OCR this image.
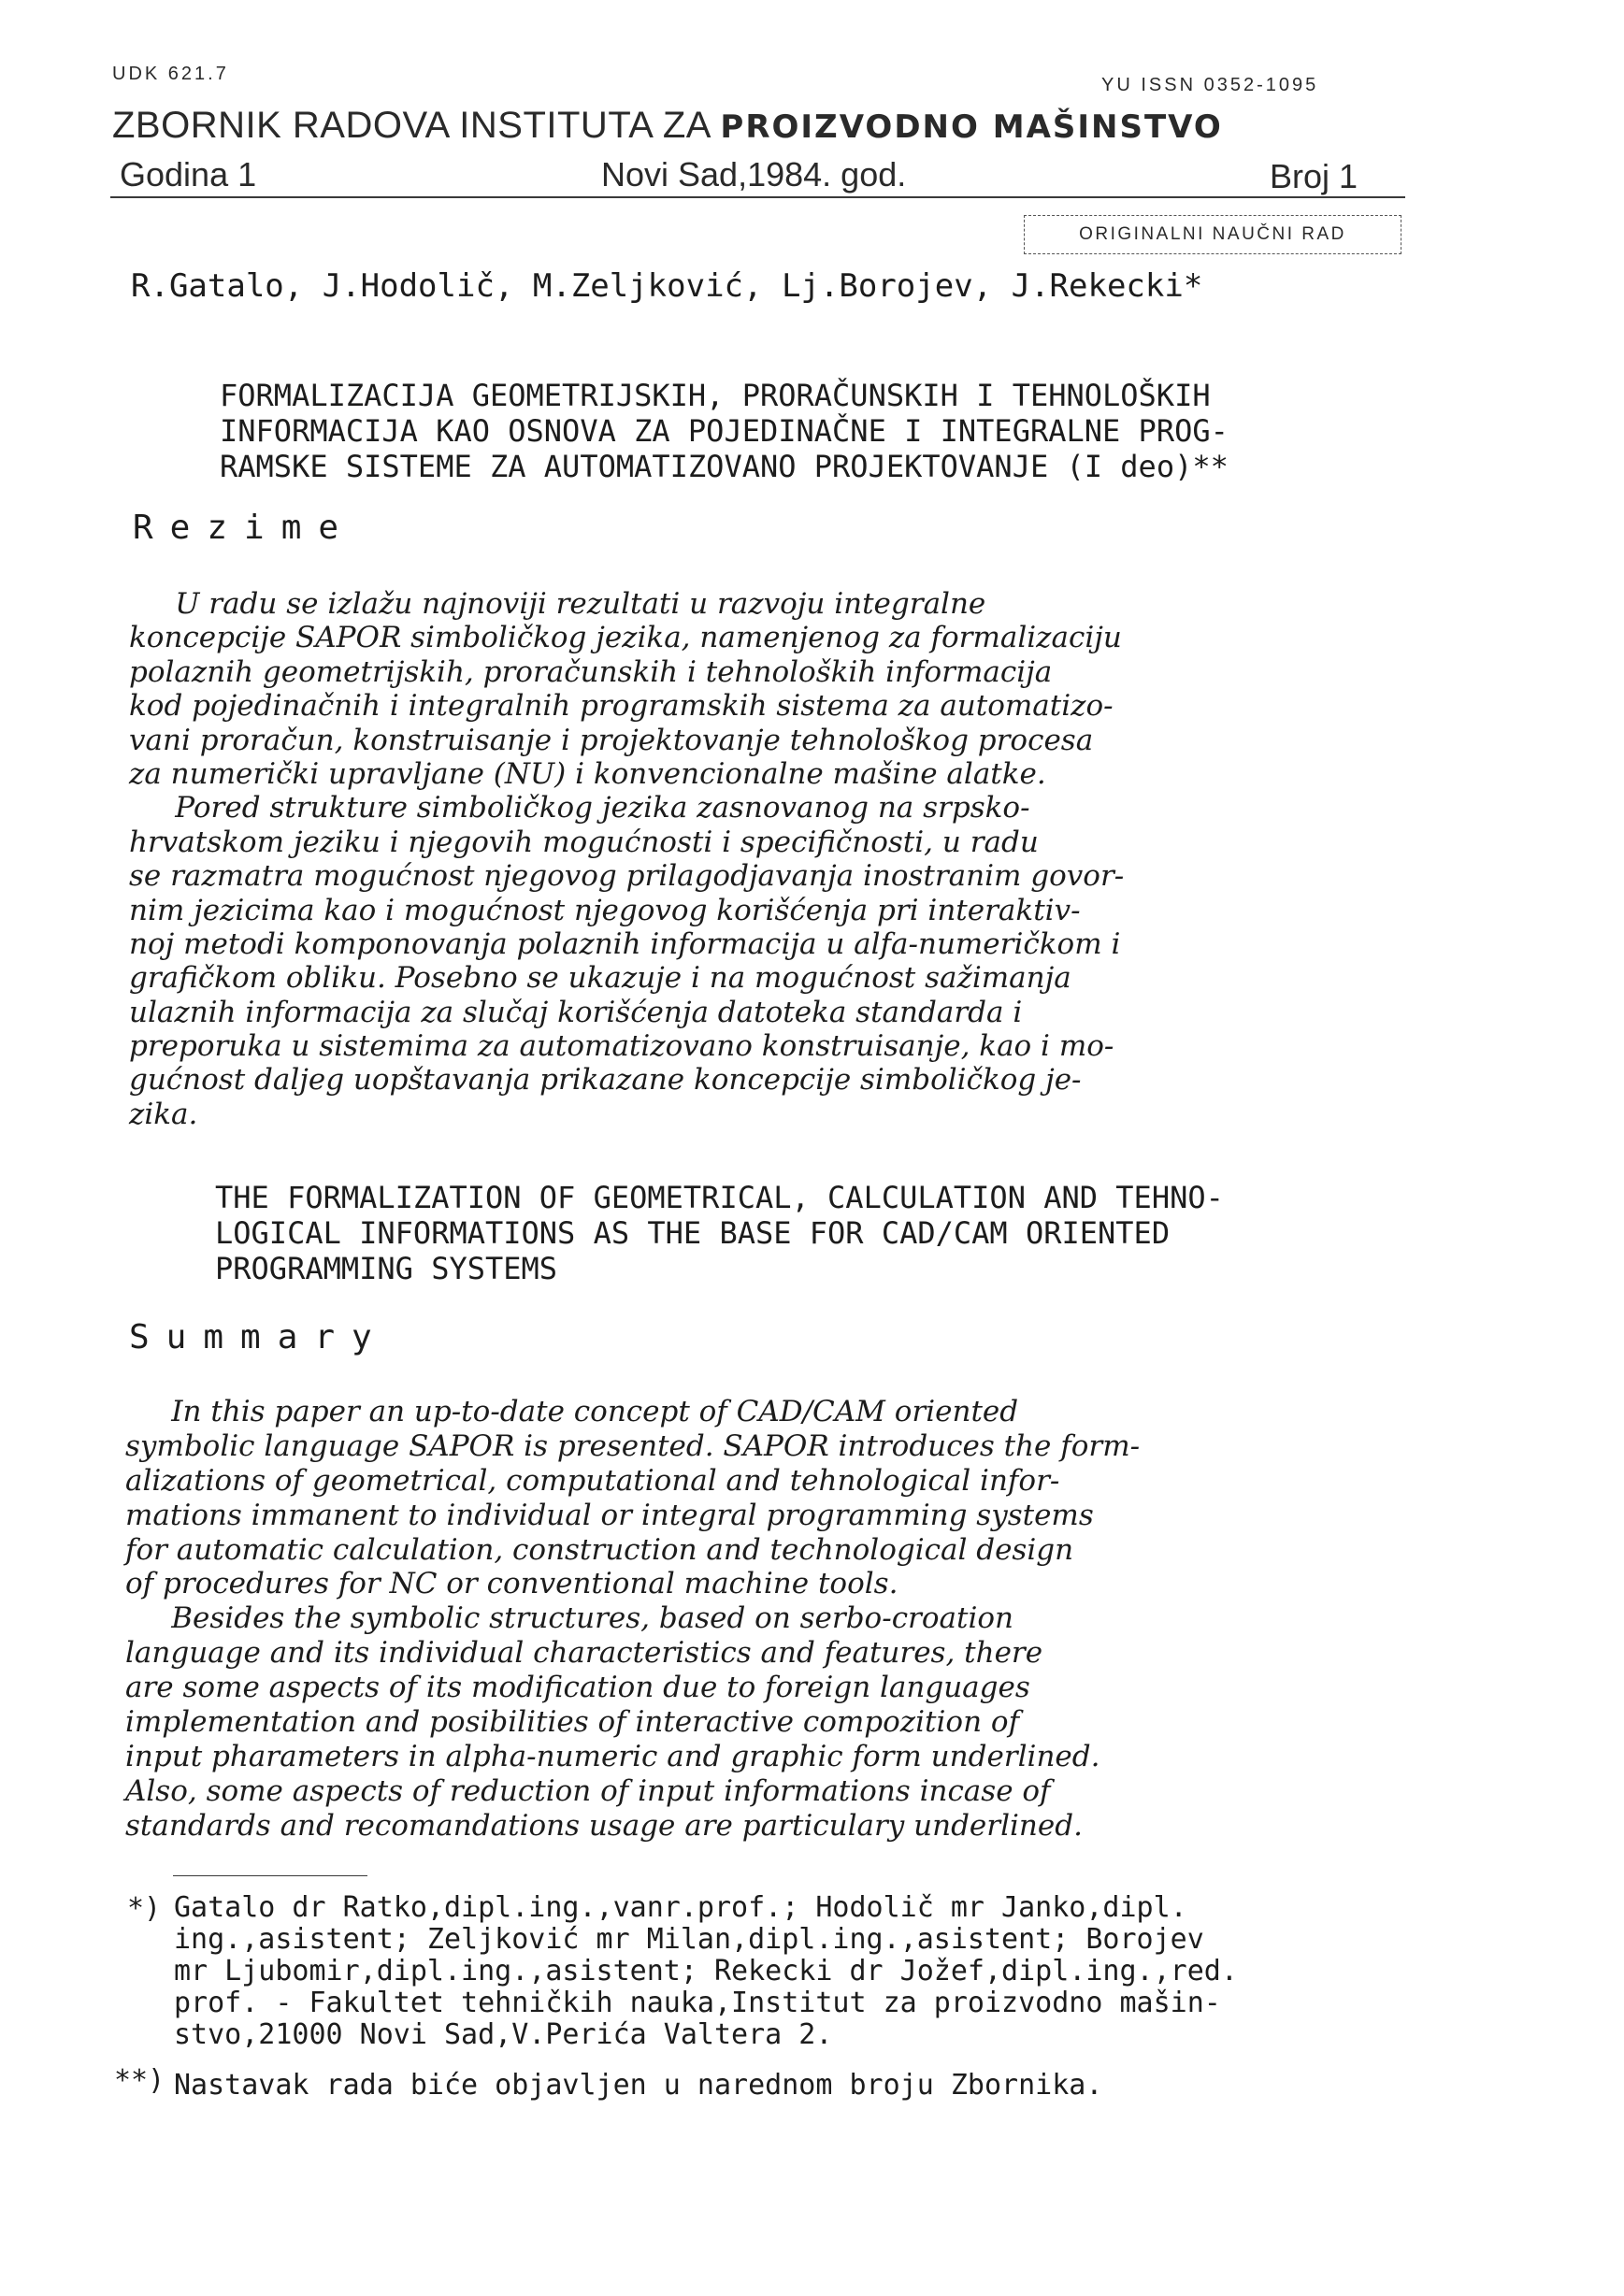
UDK 621.7
YU ISSN 0352-1095
ZBORNIK RADOVA INSTITUTA ZA PROIZVODNO MAŠINSTVO
Godina 1	Novi Sad,1984. god.	Broj 1
ORIGINALNI NAUČNI RAD
R.Gatalo, J.Hodolič, M.Zeljković, Lj.Borojev, J.Rekecki*
FORMALIZACIJA GEOMETRIJSKIH, PRORAČUNSKIH I TEHNOLOŠKIH
INFORMACIJA KAO OSNOVA ZA POJEDINAČNE I INTEGRALNE PROG-
RAMSKE SISTEME ZA AUTOMATIZOVANO PROJEKTOVANJE (I deo)**
Rezime
U radu se izlažu najnoviji rezultati u razvoju integralne
koncepcije SAPOR simboličkog jezika, namenjenog za formalizaciju
polaznih geometrijskih, proračunskih i tehnoloških informacija
kod pojedinačnih i integralnih programskih sistema za automatizo-
vani proračun, konstruisanje i projektovanje tehnološkog procesa
za numerički upravljane (NU) i konvencionalne mašine alatke.
Pored strukture simboličkog jezika zasnovanog na srpsko-
hrvatskom jeziku i njegovih mogućnosti i specifičnosti, u radu
se razmatra mogućnost njegovog prilagodjavanja inostranim govor-
nim jezicima kao i mogućnost njegovog korišćenja pri interaktiv-
noj metodi komponovanja polaznih informacija u alfa-numeričkom i
grafičkom obliku. Posebno se ukazuje i na mogućnost sažimanja
ulaznih informacija za slučaj korišćenja datoteka standarda i
preporuka u sistemima za automatizovano konstruisanje, kao i mo-
gućnost daljeg uopštavanja prikazane koncepcije simboličkog je-
zika.
THE FORMALIZATION OF GEOMETRICAL, CALCULATION AND TEHNO-
LOGICAL INFORMATIONS AS THE BASE FOR CAD/CAM ORIENTED
PROGRAMMING SYSTEMS
Summary
In this paper an up-to-date concept of CAD/CAM oriented
symbolic language SAPOR is presented. SAPOR introduces the form-
alizations of geometrical, computational and tehnological infor-
mations immanent to individual or integral programming systems
for automatic calculation, construction and technological design
of procedures for NC or conventional machine tools.
Besides the symbolic structures, based on serbo-croation
language and its individual characteristics and features, there
are some aspects of its modification due to foreign languages
implementation and posibilities of interactive compozition of
input pharameters in alpha-numeric and graphic form underlined.
Also, some aspects of reduction of input informations incase of
standards and recomandations usage are particulary underlined.
*) Gatalo dr Ratko,dipl.ing.,vanr.prof.; Hodolič mr Janko,dipl.
ing.,asistent; Zeljković mr Milan,dipl.ing.,asistent; Borojev
mr Ljubomir,dipl.ing.,asistent; Rekecki dr Jožef,dipl.ing.,red.
prof. - Fakultet tehničkih nauka,Institut za proizvodno mašin-
stvo,21000 Novi Sad,V.Perića Valtera 2.
**) Nastavak rada biće objavljen u narednom broju Zbornika.
